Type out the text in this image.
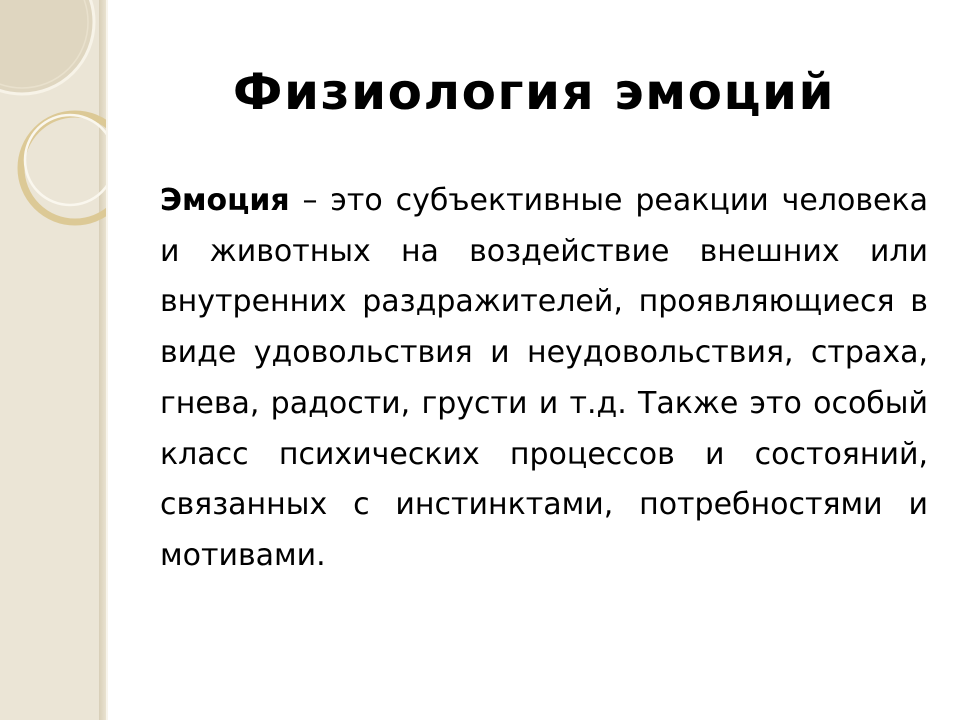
Физиология эмоций

Эмоция – это субъективные реакции человека и животных на воздействие внешних или внутренних раздражителей, проявляющиеся в виде удовольствия и неудовольствия, страха, гнева, радости, грусти и т.д. Также это особый класс психических процессов и состояний, связанных с инстинктами, потребностями и мотивами.
